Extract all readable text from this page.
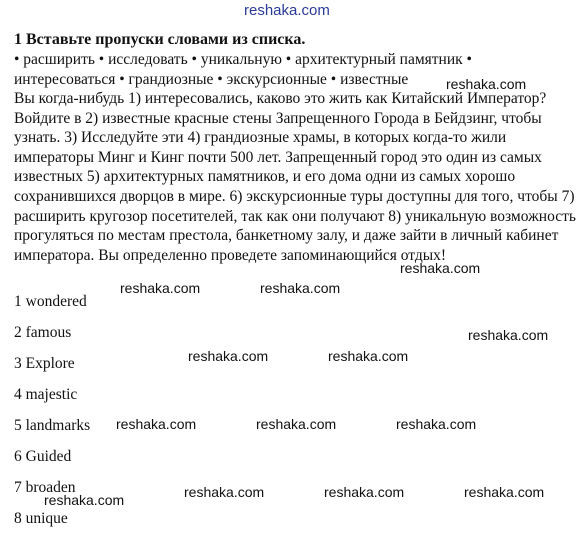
reshaka.com
1 Вставьте пропуски словами из списка.
• расширить • исследовать • уникальную • архитектурный памятник • интересоваться • грандиозные • экскурсионные • известные
Вы когда-нибудь 1) интересовались, каково это жить как Китайский Император? Войдите в 2) известные красные стены Запрещенного Города в Бейдзинг, чтобы узнать. 3) Исследуйте эти 4) грандиозные храмы, в которых когда-то жили императоры Минг и Кинг почти 500 лет. Запрещенный город это один из самых известных 5) архитектурных памятников, и его дома одни из самых хорошо сохранившихся дворцов в мире. 6) экскурсионные туры доступны для того, чтобы 7) расширить кругозор посетителей, так как они получают 8) уникальную возможность прогуляться по местам престола, банкетному залу, и даже зайти в личный кабинет императора. Вы определенно проведете запоминающийся отдых!
1 wondered
2 famous
3 Explore
4 majestic
5 landmarks
6 Guided
7 broaden
8 unique
reshaka.com
reshaka.com
reshaka.com	reshaka.com
reshaka.com
reshaka.com	reshaka.com
reshaka.com	reshaka.com	reshaka.com
reshaka.com	reshaka.com	reshaka.com
reshaka.com
